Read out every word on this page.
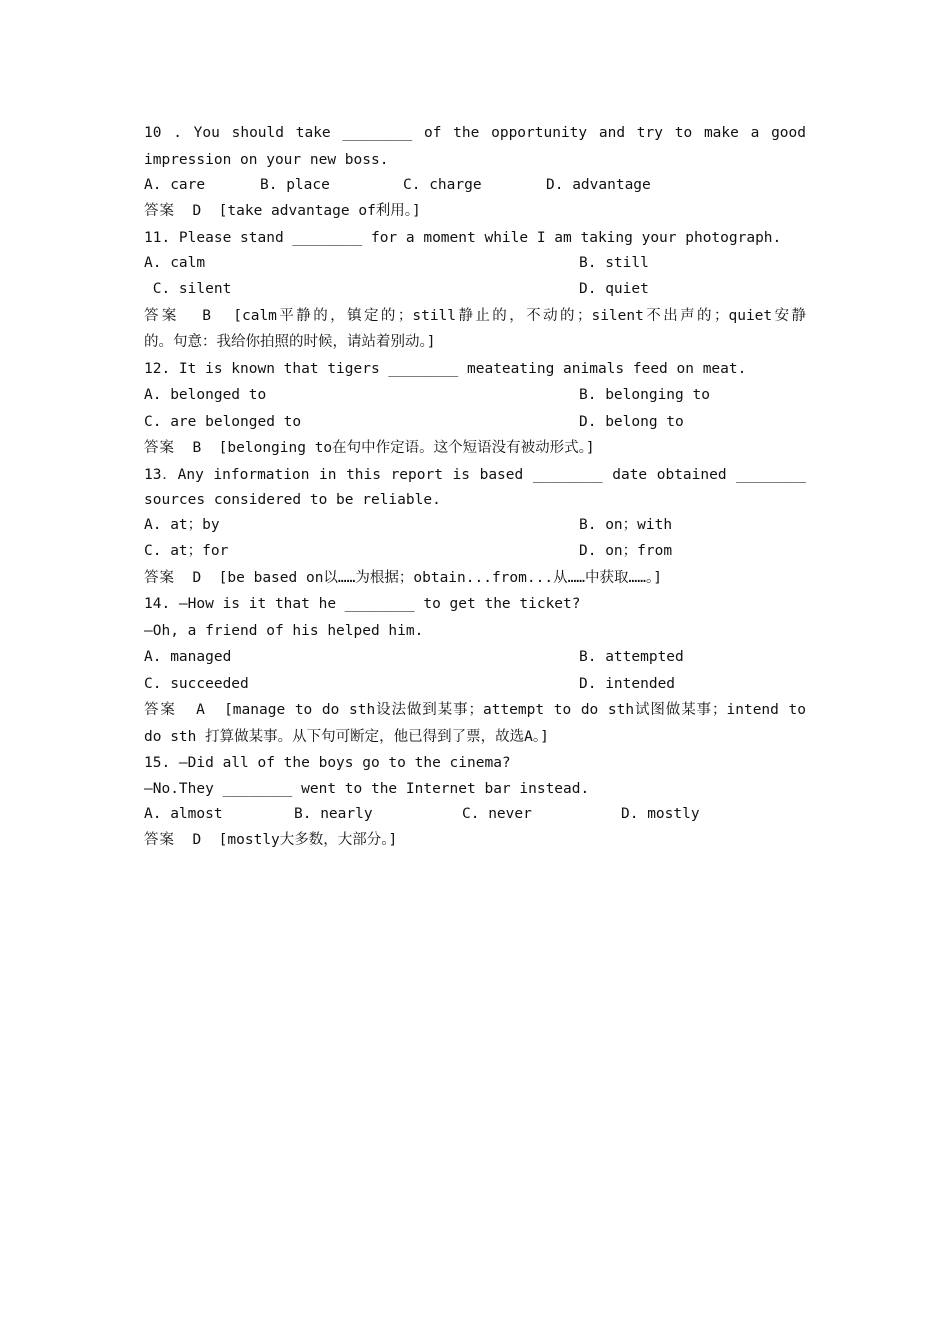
10 . You should take ________ of the opportunity and try to make a good
impression on your new boss.
A. care	B. place	C. charge	D. advantage
答案 D [take advantage of利用。]
11. Please stand ________ for a moment while I am taking your photograph.
A. calm	B. still
C. silent	D. quiet
答案 B [calm平静的，镇定的；still静止的，不动的；silent不出声的；quiet安静
的。句意：我给你拍照的时候，请站着别动。]
12. It is known that tigers ________ meateating animals feed on meat.
A. belonged to	B. belonging to
C. are belonged to	D. belong to
答案 B [belonging to在句中作定语。这个短语没有被动形式。]
13．Any information in this report is based ________ date obtained ________
sources considered to be reliable.
A. at；by	B. on；with
C. at；for	D. on；from
答案 D [be based on以……为根据；obtain...from...从……中获取……。]
14. —How is it that he ________ to get the ticket?
—Oh, a friend of his helped him.
A. managed	B. attempted
C. succeeded	D. intended
答案 A [manage to do sth设法做到某事；attempt to do sth试图做某事；intend to
do sth 打算做某事。从下句可断定，他已得到了票，故选A。]
15. —Did all of the boys go to the cinema?
—No.They ________ went to the Internet bar instead.
A. almost	B. nearly	C. never	D. mostly
答案 D [mostly大多数，大部分。]
